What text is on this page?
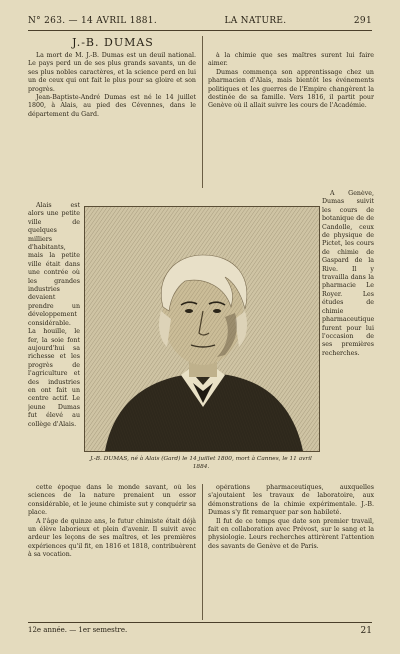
N° 263. — 14 AVRIL 1881.	LA NATURE.	291
J.-B. DUMAS

La mort de M. J.-B. Dumas est un deuil national. Le pays perd un de ses plus grands savants, un de ses plus nobles caractères, et la science perd en lui un de ceux qui ont fait le plus pour sa gloire et son progrès.

Jean-Baptiste-André Dumas est né le 14 juillet 1800, à Alais, au pied des Cévennes, dans le département du Gard.

à la chimie que ses maîtres surent lui faire aimer.

Dumas commença son apprentissage chez un pharmacien d'Alais, mais bientôt les événements politiques et les guerres de l'Empire changèrent la destinée de sa famille. Vers 1816, il partit pour Genève où il allait suivre les cours de l'Académie.

Alais est alors une petite ville de quelques milliers d'habitants, mais la petite ville était dans une contrée où les grandes industries devaient prendre un développement considérable. La houille, le fer, la soie font aujourd'hui sa richesse et les progrès de l'agriculture et des industries en ont fait un centre actif. Le jeune Dumas fut élevé au collège d'Alais.

A Genève, Dumas suivit les cours de botanique de de Candolle, ceux de physique de Pictet, les cours de chimie de Gaspard de la Rive. Il y travailla dans la pharmacie Le Royer. Les études de chimie pharmaceutique furent pour lui l'occasion de ses premières recherches.

J.-B. DUMAS, né à Alais (Gard) le 14 juillet 1800, mort à Cannes, le 11 avril 1884.

cette époque dans le monde savant, où les sciences de la nature prenaient un essor considérable, et le jeune chimiste sut y conquérir sa place.

A l'âge de quinze ans, le futur chimiste était déjà un élève laborieux et plein d'avenir. Il suivit avec ardeur les leçons de ses maîtres, et les premières expériences qu'il fit, en 1816 et 1818, contribuèrent à sa vocation.

opérations pharmaceutiques, auxquelles s'ajoutaient les travaux de laboratoire, aux démonstrations de la chimie expérimentale. J.-B. Dumas s'y fit remarquer par son habileté.

Il fut de ce temps que date son premier travail, fait en collaboration avec Prévost, sur le sang et la physiologie. Leurs recherches attirèrent l'attention des savants de Genève et de Paris.

12e année. — 1er semestre.	21
